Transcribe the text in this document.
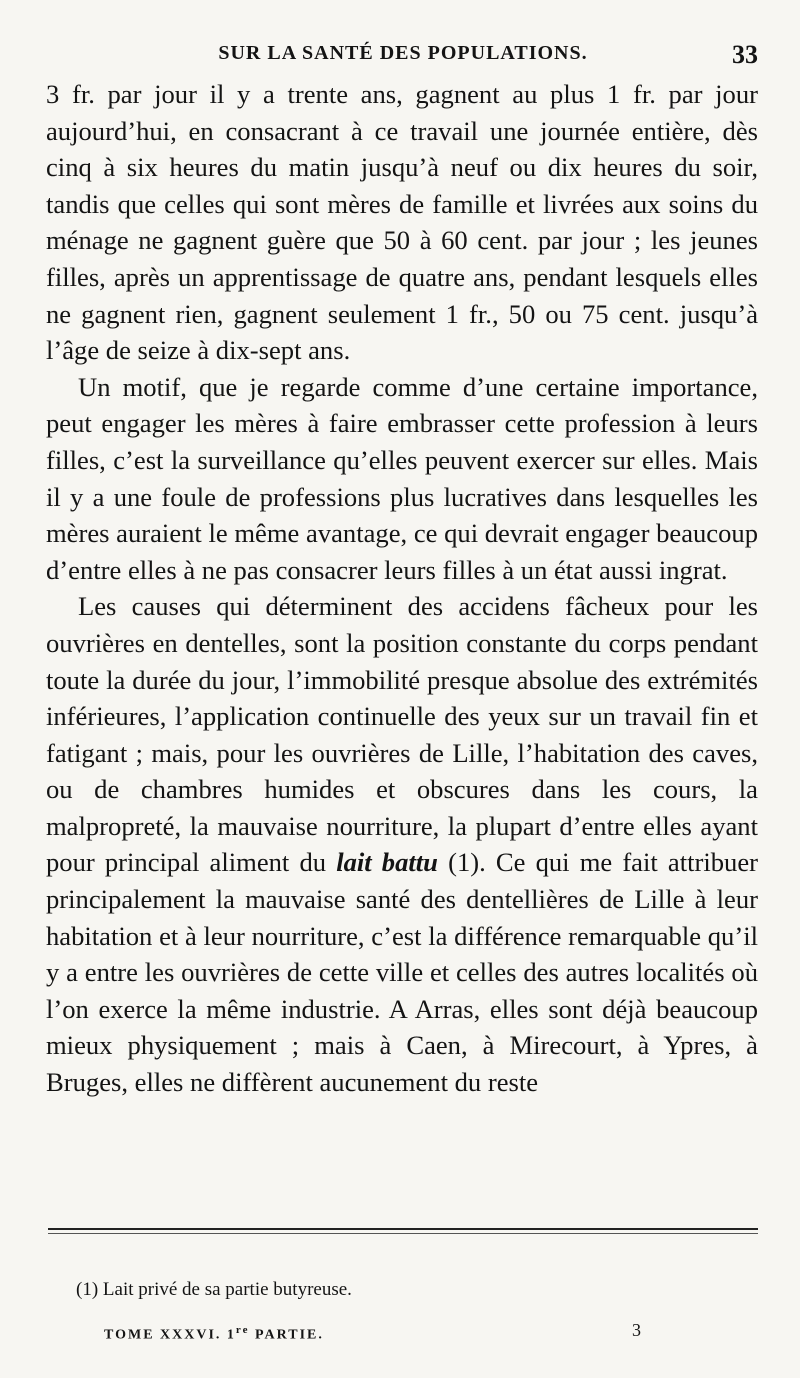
SUR LA SANTÉ DES POPULATIONS.	33

3 fr. par jour il y a trente ans, gagnent au plus 1 fr. par jour aujourd’hui, en consacrant à ce travail une journée entière, dès cinq à six heures du matin jusqu’à neuf ou dix heures du soir, tandis que celles qui sont mères de famille et livrées aux soins du ménage ne gagnent guère que 50 à 60 cent. par jour ; les jeunes filles, après un apprentissage de quatre ans, pendant lesquels elles ne gagnent rien, gagnent seulement 1 fr., 50 ou 75 cent. jusqu’à l’âge de seize à dix-sept ans.

Un motif, que je regarde comme d’une certaine importance, peut engager les mères à faire embrasser cette profession à leurs filles, c’est la surveillance qu’elles peuvent exercer sur elles. Mais il y a une foule de professions plus lucratives dans lesquelles les mères auraient le même avantage, ce qui devrait engager beaucoup d’entre elles à ne pas consacrer leurs filles à un état aussi ingrat.

Les causes qui déterminent des accidens fâcheux pour les ouvrières en dentelles, sont la position constante du corps pendant toute la durée du jour, l’immobilité presque absolue des extrémités inférieures, l’application continuelle des yeux sur un travail fin et fatigant ; mais, pour les ouvrières de Lille, l’habitation des caves, ou de chambres humides et obscures dans les cours, la malpropreté, la mauvaise nourriture, la plupart d’entre elles ayant pour principal aliment du lait battu (1). Ce qui me fait attribuer principalement la mauvaise santé des dentellières de Lille à leur habitation et à leur nourriture, c’est la différence remarquable qu’il y a entre les ouvrières de cette ville et celles des autres localités où l’on exerce la même industrie. A Arras, elles sont déjà beaucoup mieux physiquement ; mais à Caen, à Mirecourt, à Ypres, à Bruges, elles ne diffèrent aucunement du reste

(1) Lait privé de sa partie butyreuse.
TOME XXXVI. 1re PARTIE.	3
